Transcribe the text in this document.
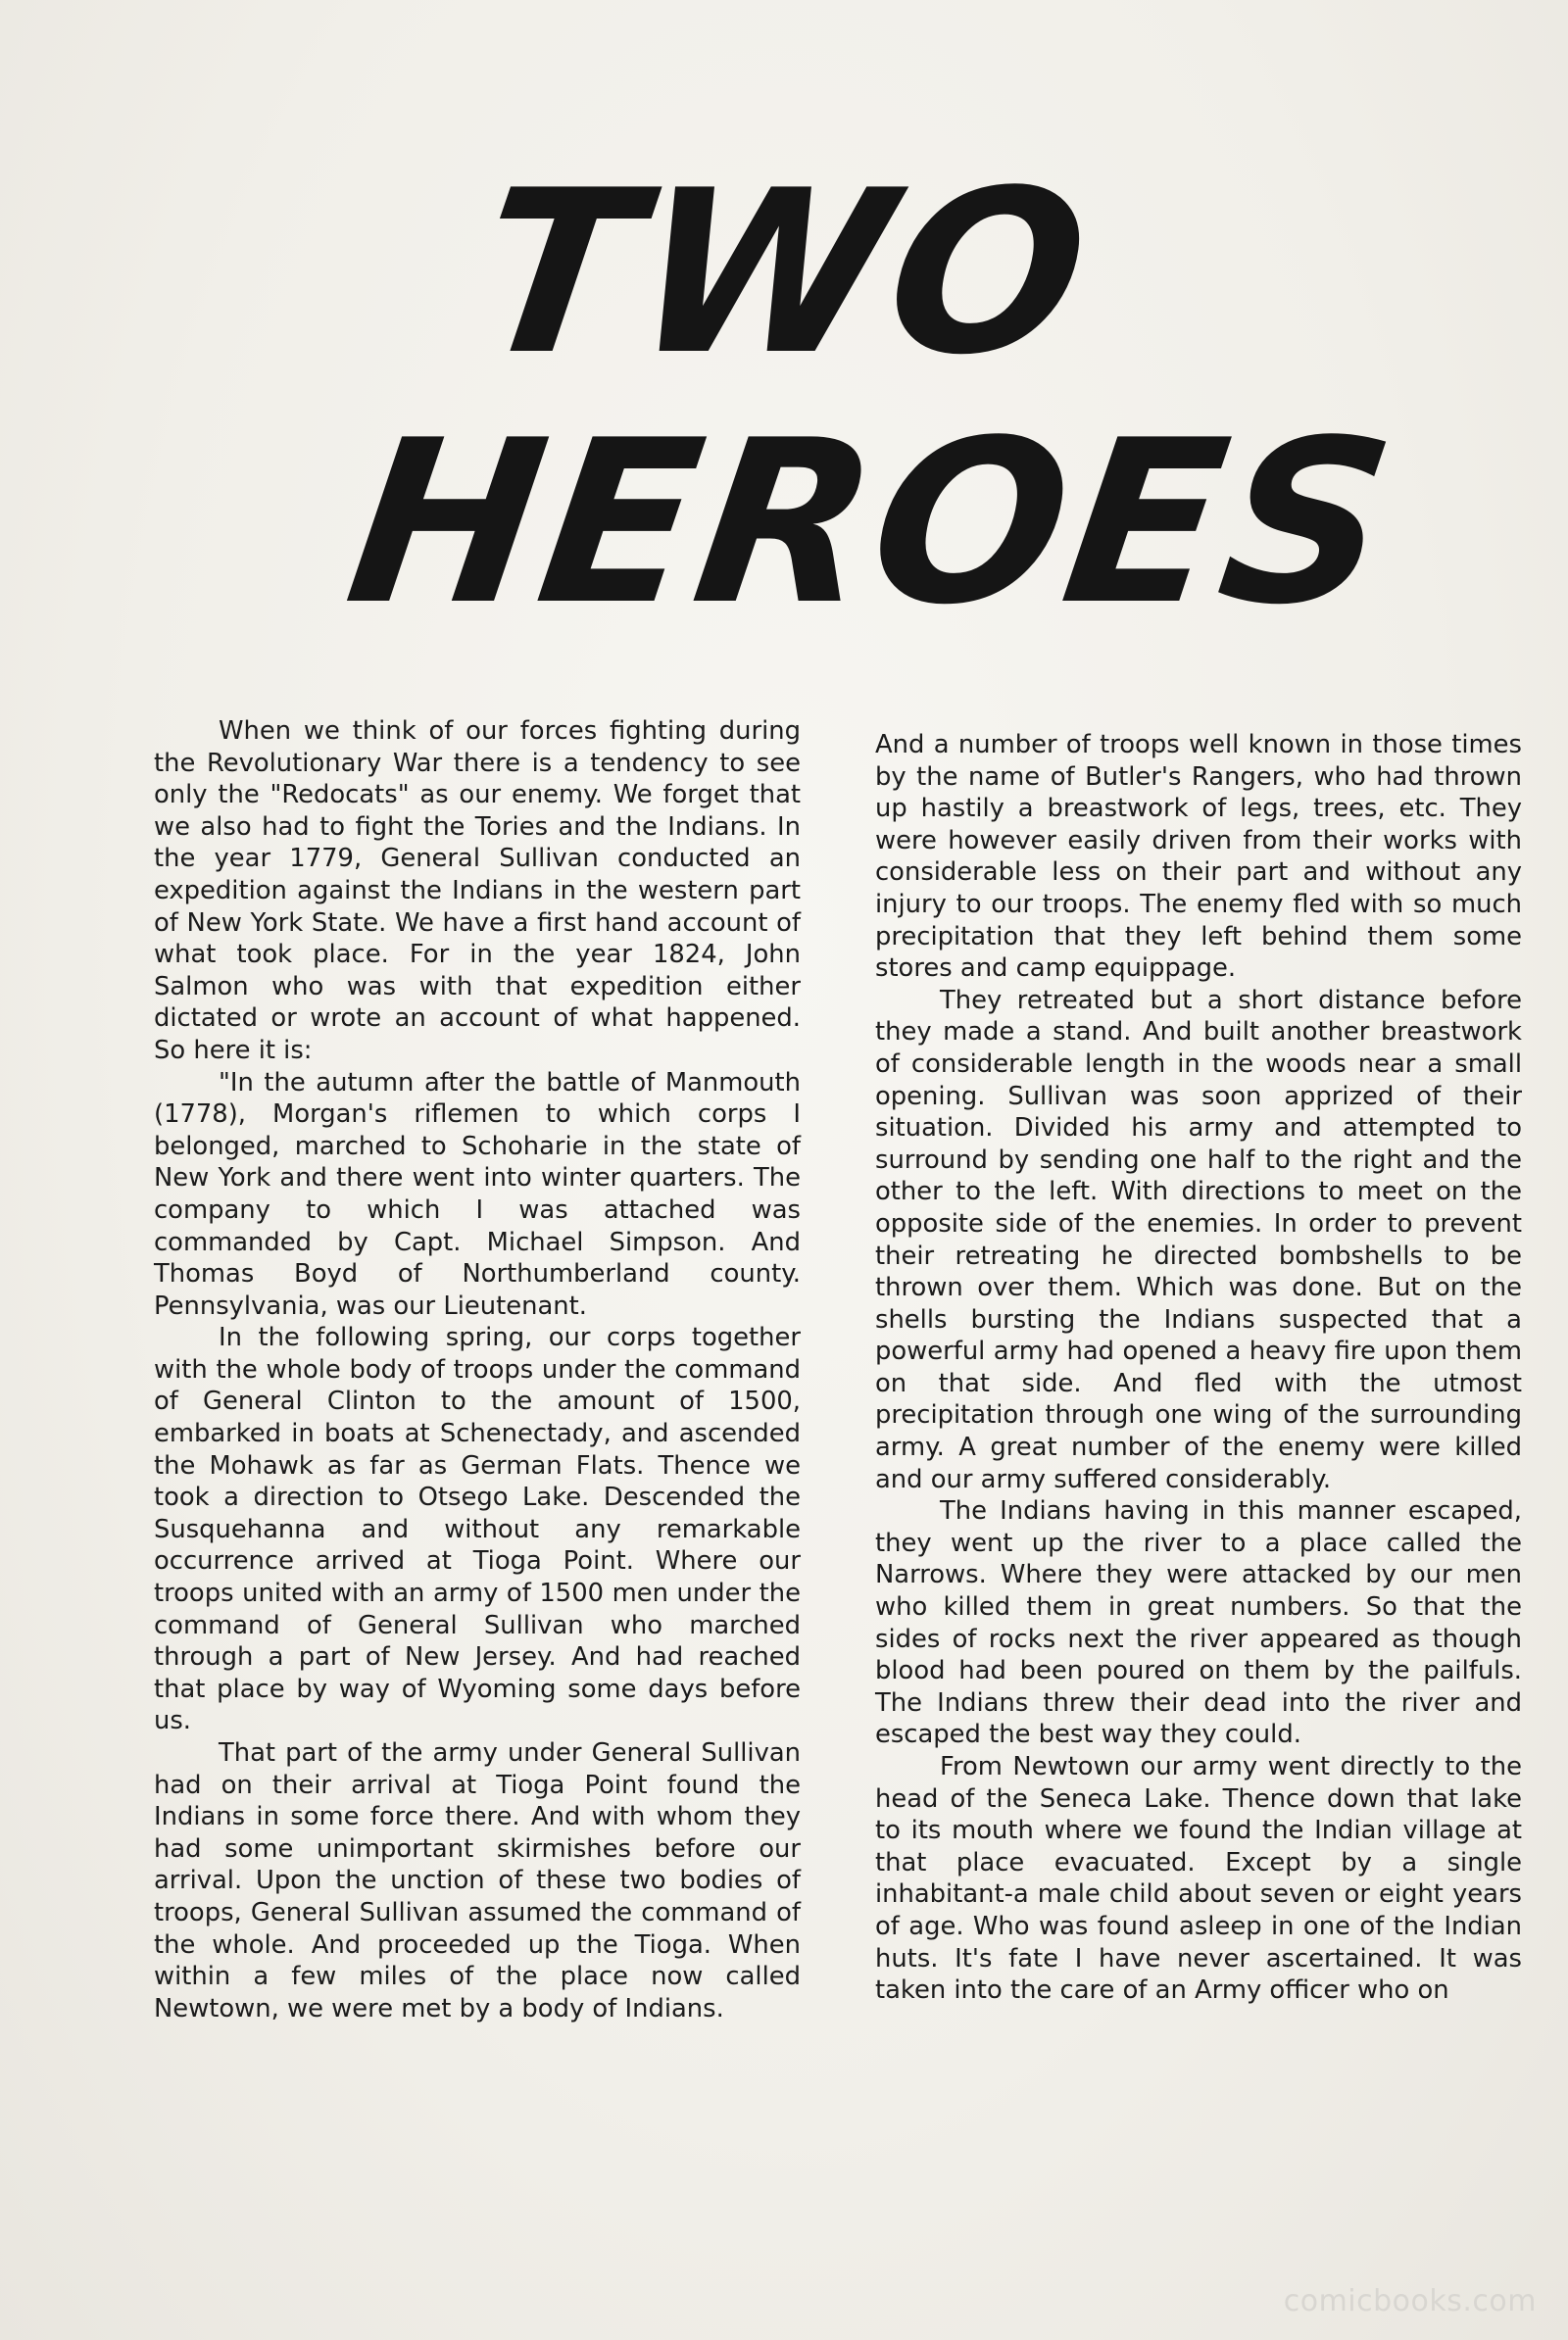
TWO
HEROES

When we think of our forces fighting during the Revolutionary War there is a tendency to see only the "Redocats" as our enemy. We forget that we also had to fight the Tories and the Indians. In the year 1779, General Sullivan conducted an expedition against the Indians in the western part of New York State. We have a first hand account of what took place. For in the year 1824, John Salmon who was with that expedition either dictated or wrote an account of what happened. So here it is:

"In the autumn after the battle of Manmouth (1778), Morgan's riflemen to which corps I belonged, marched to Schoharie in the state of New York and there went into winter quarters. The company to which I was attached was commanded by Capt. Michael Simpson. And Thomas Boyd of Northumberland county. Pennsylvania, was our Lieutenant.

In the following spring, our corps together with the whole body of troops under the command of General Clinton to the amount of 1500, embarked in boats at Schenectady, and ascended the Mohawk as far as German Flats. Thence we took a direction to Otsego Lake. Descended the Susquehanna and without any remarkable occurrence arrived at Tioga Point. Where our troops united with an army of 1500 men under the command of General Sullivan who marched through a part of New Jersey. And had reached that place by way of Wyoming some days before us.

That part of the army under General Sullivan had on their arrival at Tioga Point found the Indians in some force there. And with whom they had some unimportant skirmishes before our arrival. Upon the unction of these two bodies of troops, General Sullivan assumed the command of the whole. And proceeded up the Tioga. When within a few miles of the place now called Newtown, we were met by a body of Indians.

And a number of troops well known in those times by the name of Butler's Rangers, who had thrown up hastily a breastwork of legs, trees, etc. They were however easily driven from their works with considerable less on their part and without any injury to our troops. The enemy fled with so much precipitation that they left behind them some stores and camp equippage.

They retreated but a short distance before they made a stand. And built another breastwork of considerable length in the woods near a small opening. Sullivan was soon apprized of their situation. Divided his army and attempted to surround by sending one half to the right and the other to the left. With directions to meet on the opposite side of the enemies. In order to prevent their retreating he directed bombshells to be thrown over them. Which was done. But on the shells bursting the Indians suspected that a powerful army had opened a heavy fire upon them on that side. And fled with the utmost precipitation through one wing of the surrounding army. A great number of the enemy were killed and our army suffered considerably.

The Indians having in this manner escaped, they went up the river to a place called the Narrows. Where they were attacked by our men who killed them in great numbers. So that the sides of rocks next the river appeared as though blood had been poured on them by the pailfuls. The Indians threw their dead into the river and escaped the best way they could.

From Newtown our army went directly to the head of the Seneca Lake. Thence down that lake to its mouth where we found the Indian village at that place evacuated. Except by a single inhabitant-a male child about seven or eight years of age. Who was found asleep in one of the Indian huts. It's fate I have never ascertained. It was taken into the care of an Army officer who on

comicbooks.com
